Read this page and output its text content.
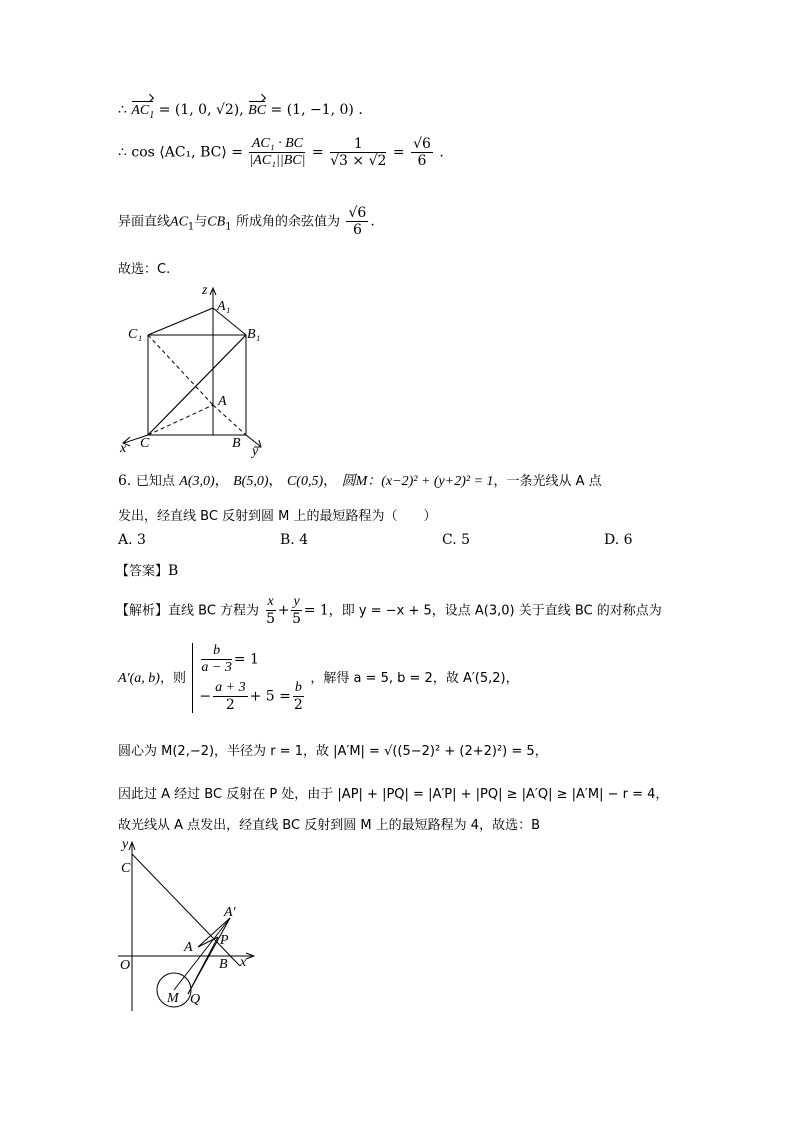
∴ $AC_1 = (1$, 0, √2), BC = (1, −1, 0) .
∴ cos ⟨AC₁, BC⟩ = $\frac{\text{AC₁ · BC}}{\text{|AC₁||BC|}} = \frac{1}{√3 \times √2} = \frac{√6}{6}$ .
异面直线$AC_1$与$CB_1$ 所成角的余弦值为 $\frac{√6}{6}$ .
故选：C.
z
A₁
C₁	B₁
A
x C	B
y
6. 已知点 A(3,0)， B(5,0)， C(0,5)， 圆M：(x−2)² + (y+2)² = 1，一条光线从 A 点
发出，经直线 BC 反射到圆 M 上的最短路程为（　　）
A. 3	B. 4	C. 5	D. 6
【答案】B
【解析】直线 BC 方程为 $\frac{x}{5} + \frac{y}{5} = 1$，即 y = −x + 5，设点 A(3,0) 关于直线 BC 的对称点为
A′(a, b)，则
$\frac{b}{a - 3} = 1$
− $\frac{a + 3}{2} + 5 = \frac{b}{2}$
，解得 a = 5, b = 2，故 A′(5,2)，
圆心为 M(2,−2)，半径为 r = 1，故 |A′M| = √((5−2)² + (2+2)²) = 5，
因此过 A 经过 BC 反射在 P 处，由于 |AP| + |PQ| = |A′P| + |PQ| ≥ |A′Q| ≥ |A′M| − r = 4，
故光线从 A 点发出，经直线 BC 反射到圆 M 上的最短路程为 4，故选：B
y
C
A′
A P
O	B x
M Q
